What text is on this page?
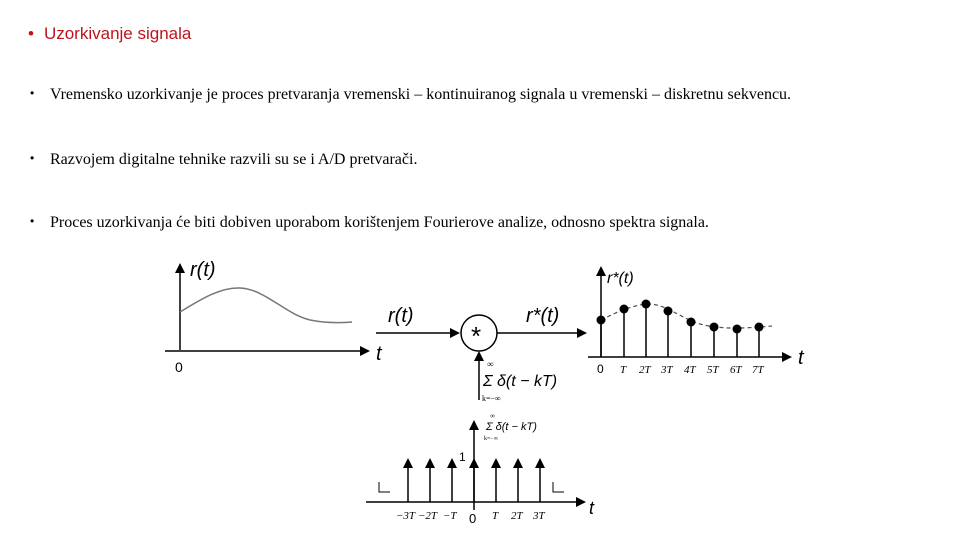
• Uzorkivanje signala
• Vremensko uzorkivanje je proces pretvaranja vremenski – kontinuiranog signala u vremenski – diskretnu sekvencu.
• Razvojem digitalne tehnike razvili su se i A/D pretvarači.
• Proces uzorkivanja će biti dobiven uporabom korištenjem Fourierove analize, odnosno spektra signala.
r(t)
t
0
r(t)
*
r*(t)
∞
Σ δ(t − kT)
k=−∞
r*(t)
t
0 T 2T 3T 4T 5T 6T 7T
1
∞
Σ δ(t − kT)
k=−∞
t
−3T −2T −T 0 T 2T 3T
